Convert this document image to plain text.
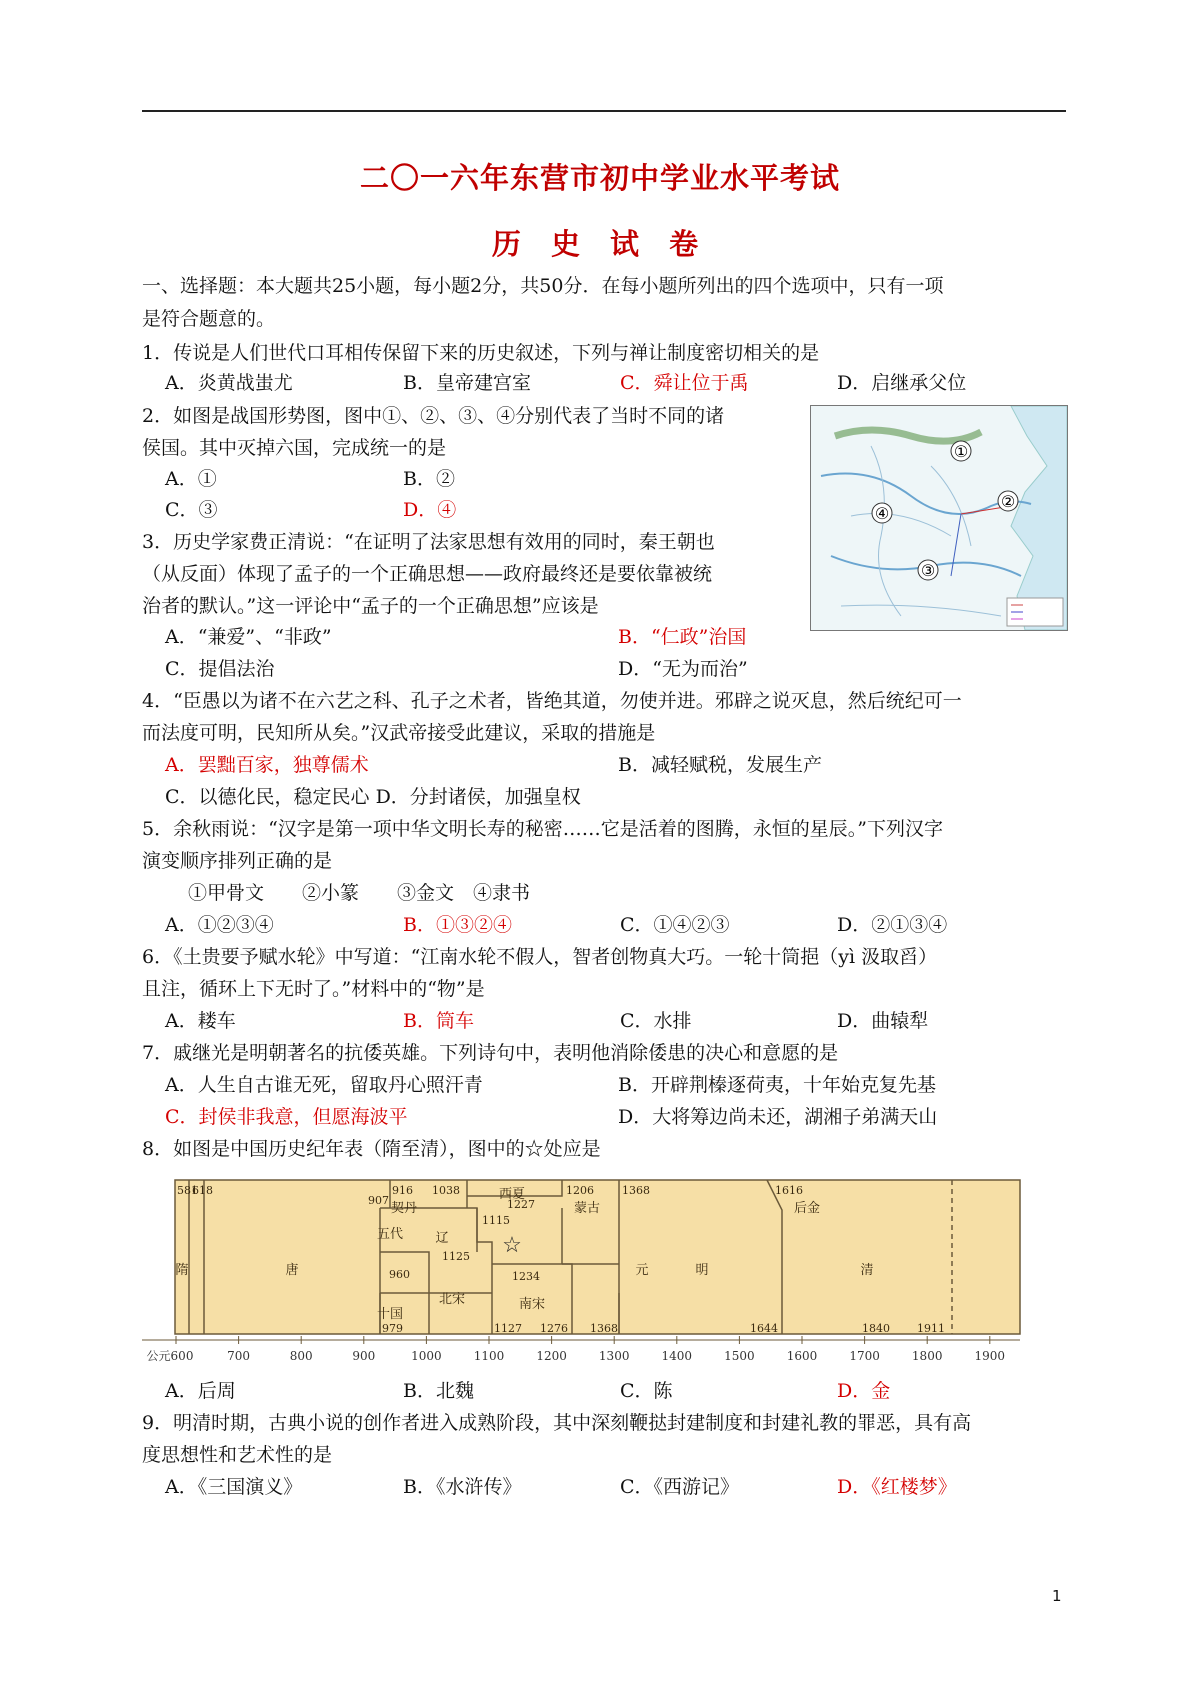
二〇一六年东营市初中学业水平考试
历 史 试 卷
一、选择题：本大题共25小题，每小题2分，共50分．在每小题所列出的四个选项中，只有一项
是符合题意的。
1．传说是人们世代口耳相传保留下来的历史叙述，下列与禅让制度密切相关的是
A．炎黄战蚩尤	B．皇帝建宫室	C．舜让位于禹	D．启继承父位
2．如图是战国形势图，图中①、②、③、④分别代表了当时不同的诸
侯国。其中灭掉六国，完成统一的是
A．①	B．②
C．③	D．④
①
②
③
④
3．历史学家费正清说：“在证明了法家思想有效用的同时，秦王朝也
（从反面）体现了孟子的一个正确思想——政府最终还是要依靠被统
治者的默认。”这一评论中“孟子的一个正确思想”应该是
A．“兼爱”、“非政”	B．“仁政”治国
C．提倡法治	D．“无为而治”
4．“臣愚以为诸不在六艺之科、孔子之术者，皆绝其道，勿使并进。邪辟之说灭息，然后统纪可一
而法度可明，民知所从矣。”汉武帝接受此建议，采取的措施是
A．罢黜百家，独尊儒术	B．减轻赋税，发展生产
C．以德化民，稳定民心 D．分封诸侯，加强皇权
5．余秋雨说：“汉字是第一项中华文明长寿的秘密……它是活着的图腾，永恒的星辰。”下列汉字
演变顺序排列正确的是
①甲骨文　　②小篆　　③金文　④隶书
A．①②③④	B．①③②④	C．①④②③	D．②①③④
6．《土贵要予赋水轮》中写道：“江南水轮不假人，智者创物真大巧。一轮十筒挹（yì 汲取舀）
且注，循环上下无时了。”材料中的“物”是
A．耧车	B．筒车	C．水排	D．曲辕犁
7．戚继光是明朝著名的抗倭英雄。下列诗句中，表明他消除倭患的决心和意愿的是
A．人生自古谁无死，留取丹心照汗青	B．开辟荆榛逐荷夷，十年始克复先基
C．封侯非我意，但愿海波平	D．大将筹边尚未还，湖湘子弟满天山
8．如图是中国历史纪年表（隋至清），图中的☆处应是
隋	唐
契丹
五代
十国
辽
西夏
北宋	南宋
蒙古
元	明
后金
清
581
618
907
916 1038
1227
1206	1368	1616
1115
1125
960	1234
979	1127 1276 1368	1644	1840 1911
☆
公元600	700	800	900	1000	1100	1200	1300	1400	1500	1600	1700	1800	1900
A．后周	B．北魏	C．陈	D．金
9．明清时期，古典小说的创作者进入成熟阶段，其中深刻鞭挞封建制度和封建礼教的罪恶，具有高
度思想性和艺术性的是
A．《三国演义》	B．《水浒传》	C．《西游记》	D．《红楼梦》
1
